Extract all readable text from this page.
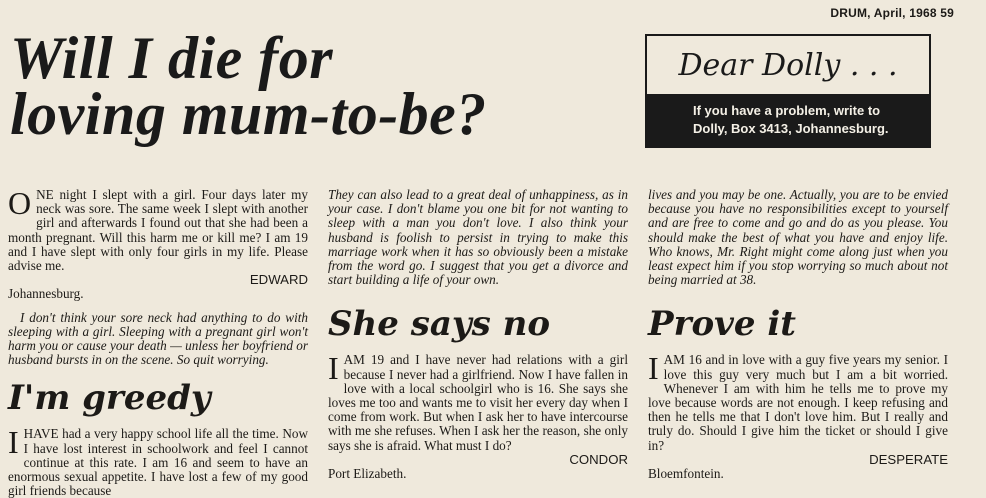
DRUM, April, 1968 59
Will I die for
loving mum-to-be?
Dear Dolly . . .
If you have a problem, write to
Dolly, Box 3413, Johannesburg.

ONE night I slept with a girl. Four days later my neck was sore. The same week I slept with another girl and afterwards I found out that she had been a month pregnant. Will this harm me or kill me? I am 19 and I have slept with only four girls in my life. Please advise me.

EDWARD
Johannesburg.

I don't think your sore neck had anything to do with sleeping with a girl. Sleeping with a pregnant girl won't harm you or cause your death — unless her boyfriend or husband bursts in on the scene. So quit worrying.

I'm greedy

IHAVE had a very happy school life all the time. Now I have lost interest in schoolwork and feel I cannot continue at this rate. I am 16 and seem to have an enormous sexual appetite. I have lost a few of my good girl friends because

They can also lead to a great deal of unhappiness, as in your case. I don't blame you one bit for not wanting to sleep with a man you don't love. I also think your husband is foolish to persist in trying to make this marriage work when it has so obviously been a mistake from the word go. I suggest that you get a divorce and start building a life of your own.

She says no

IAM 19 and I have never had relations with a girl because I never had a girlfriend. Now I have fallen in love with a local schoolgirl who is 16. She says she loves me too and wants me to visit her every day when I come from work. But when I ask her to have intercourse with me she refuses. When I ask her the reason, she only says she is afraid. What must I do?

CONDOR
Port Elizabeth.

lives and you may be one. Actually, you are to be envied because you have no responsibilities except to yourself and are free to come and go and do as you please. You should make the best of what you have and enjoy life. Who knows, Mr. Right might come along just when you least expect him if you stop worrying so much about not being married at 38.

Prove it

IAM 16 and in love with a guy five years my senior. I love this guy very much but I am a bit worried. Whenever I am with him he tells me to prove my love because words are not enough. I keep refusing and then he tells me that I don't love him. But I really and truly do. Should I give him the ticket or should I give in?

DESPERATE
Bloemfontein.
